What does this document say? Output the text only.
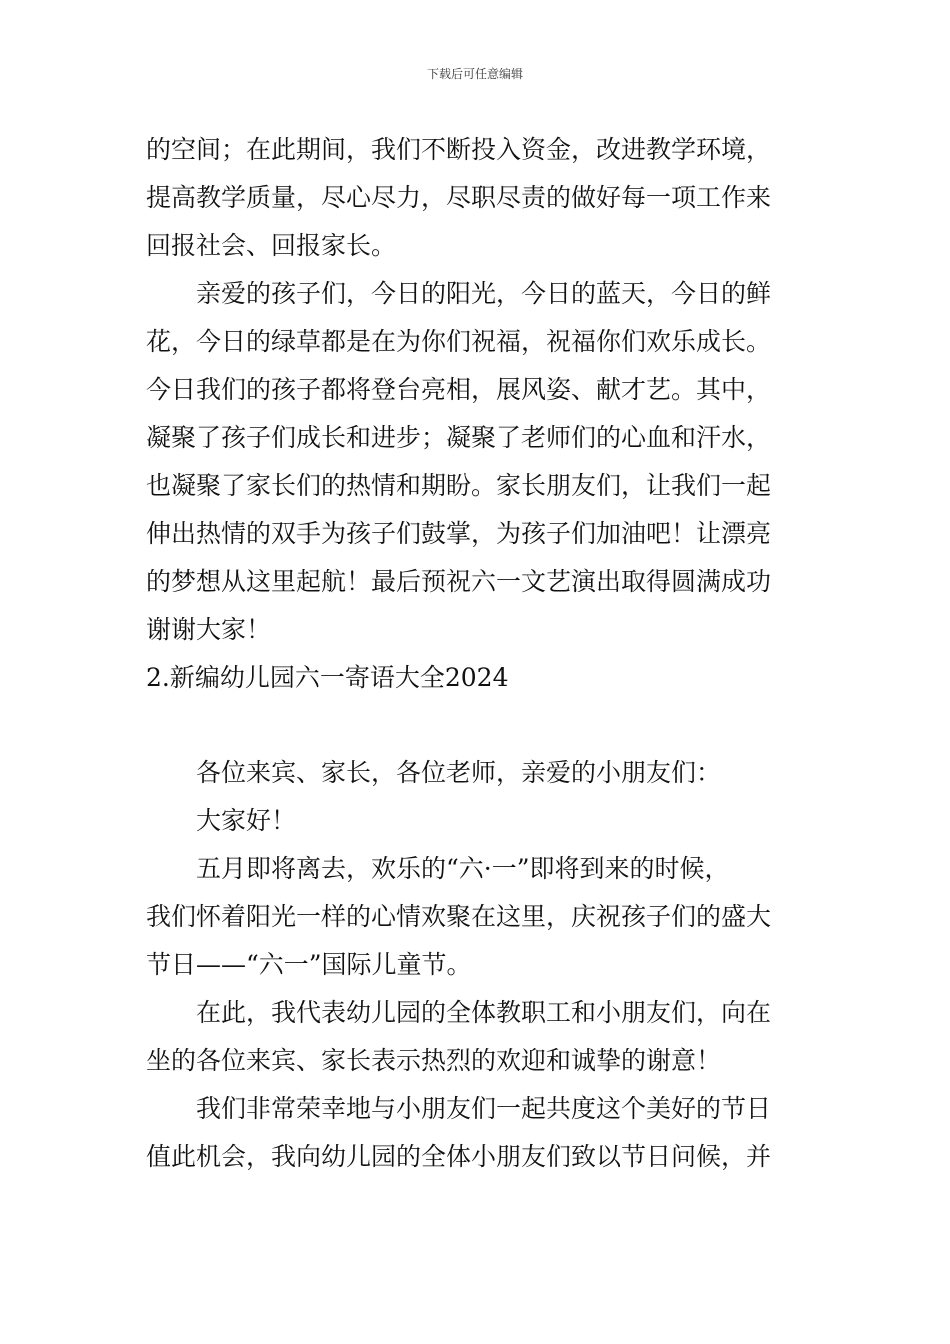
下载后可任意编辑
的空间；在此期间，我们不断投入资金，改进教学环境，
提高教学质量，尽心尽力，尽职尽责的做好每一项工作来
回报社会、回报家长。
亲爱的孩子们，今日的阳光，今日的蓝天，今日的鲜
花，今日的绿草都是在为你们祝福，祝福你们欢乐成长。
今日我们的孩子都将登台亮相，展风姿、献才艺。其中，
凝聚了孩子们成长和进步；凝聚了老师们的心血和汗水，
也凝聚了家长们的热情和期盼。家长朋友们，让我们一起
伸出热情的双手为孩子们鼓掌，为孩子们加油吧！让漂亮
的梦想从这里起航！最后预祝六一文艺演出取得圆满成功
谢谢大家！
2.新编幼儿园六一寄语大全2024
各位来宾、家长，各位老师，亲爱的小朋友们：
大家好！
五月即将离去，欢乐的“六·一”即将到来的时候，
我们怀着阳光一样的心情欢聚在这里，庆祝孩子们的盛大
节日——“六一”国际儿童节。
在此，我代表幼儿园的全体教职工和小朋友们，向在
坐的各位来宾、家长表示热烈的欢迎和诚挚的谢意！
我们非常荣幸地与小朋友们一起共度这个美好的节日
值此机会，我向幼儿园的全体小朋友们致以节日问候，并
